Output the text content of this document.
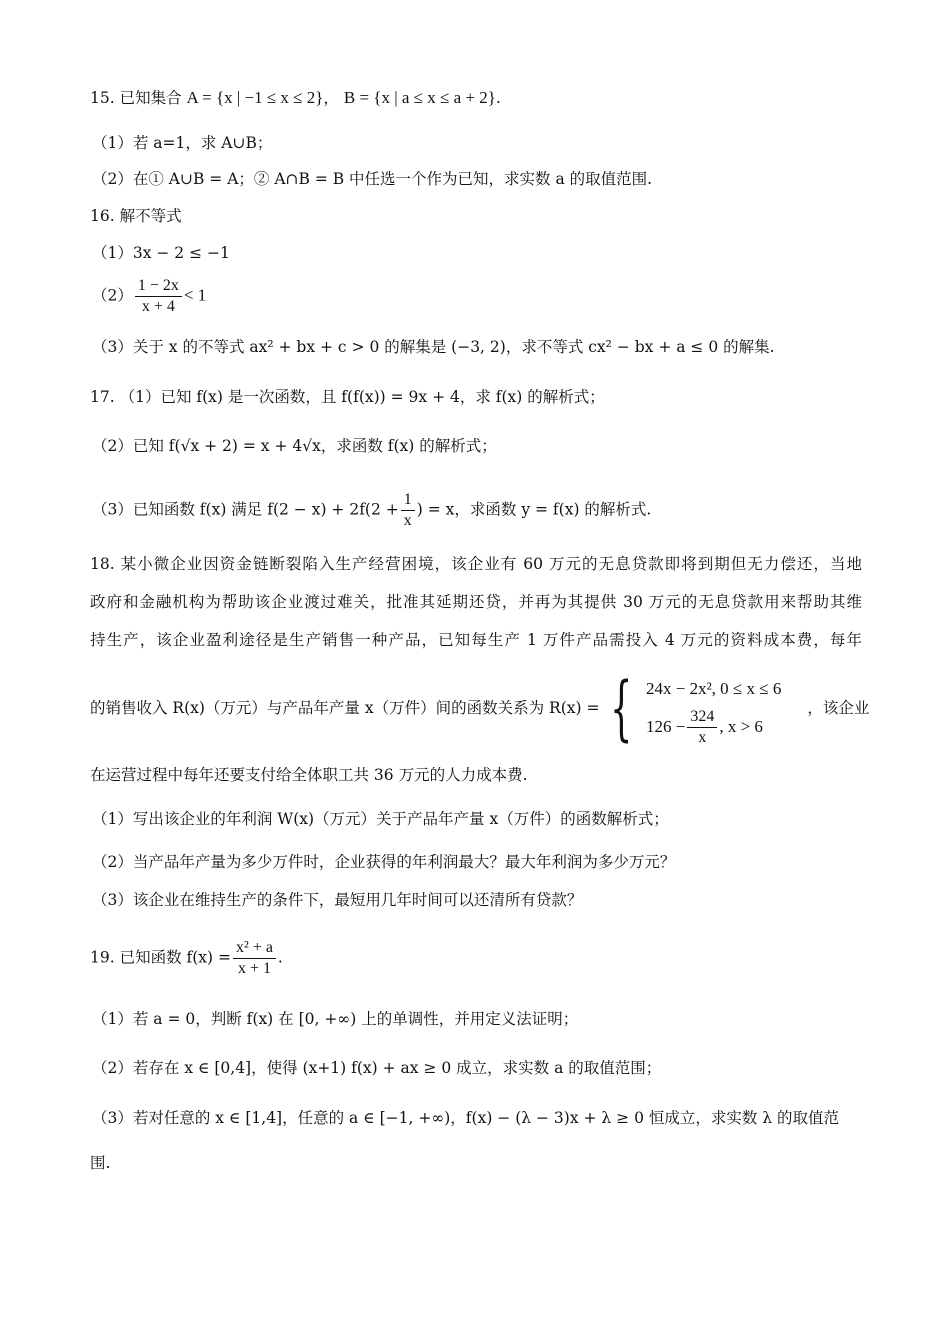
15. 已知集合 A = {x | −1 ≤ x ≤ 2}， B = {x | a ≤ x ≤ a + 2}.
（1）若 a=1，求 A∪B；
（2）在① A∪B = A；② A∩B = B 中任选一个作为已知，求实数 a 的取值范围.
16. 解不等式
（1）3x − 2 ≤ −1
$(2) \frac{1 - 2x}{x + 4} < 1$
（3）关于 x 的不等式 ax² + bx + c > 0 的解集是 (−3, 2)，求不等式 cx² − bx + a ≤ 0 的解集.
17. （1）已知 f(x) 是一次函数，且 f(f(x)) = 9x + 4，求 f(x) 的解析式；
（2）已知 f(√x + 2) = x + 4√x，求函数 f(x) 的解析式；
（3）已知函数 f(x) 满足 $f(2 - x) + 2f(2 + \frac{1}{x}$ ) = x，求函数 y = f(x) 的解析式.
18. 某小微企业因资金链断裂陷入生产经营困境，该企业有 60 万元的无息贷款即将到期但无力偿还，当地
政府和金融机构为帮助该企业渡过难关，批准其延期还贷，并再为其提供 30 万元的无息贷款用来帮助其维
持生产，该企业盈利途径是生产销售一种产品，已知每生产 1 万件产品需投入 4 万元的资料成本费，每年
的销售收入 R(x)（万元）与产品年产量 x（万件）间的函数关系为 R(x) = { 24x − 2x², 0 ≤ x ≤ 6
$126 - \frac{324}{x}$ , x > 6
，该企业
在运营过程中每年还要支付给全体职工共 36 万元的人力成本费.
（1）写出该企业的年利润 W(x)（万元）关于产品年产量 x（万件）的函数解析式；
（2）当产品年产量为多少万件时，企业获得的年利润最大？最大年利润为多少万元？
（3）该企业在维持生产的条件下，最短用几年时间可以还清所有贷款？
19. 已知函数 $f(x) = \frac{\text{x² + a}}{x + 1}$ .
（1）若 a = 0，判断 f(x) 在 [0, +∞) 上的单调性，并用定义法证明；
（2）若存在 x ∈ [0,4]，使得 (x+1) f(x) + ax ≥ 0 成立，求实数 a 的取值范围；
（3）若对任意的 x ∈ [1,4]，任意的 a ∈ [−1, +∞)，f(x) − (λ − 3)x + λ ≥ 0 恒成立，求实数 λ 的取值范
围.
